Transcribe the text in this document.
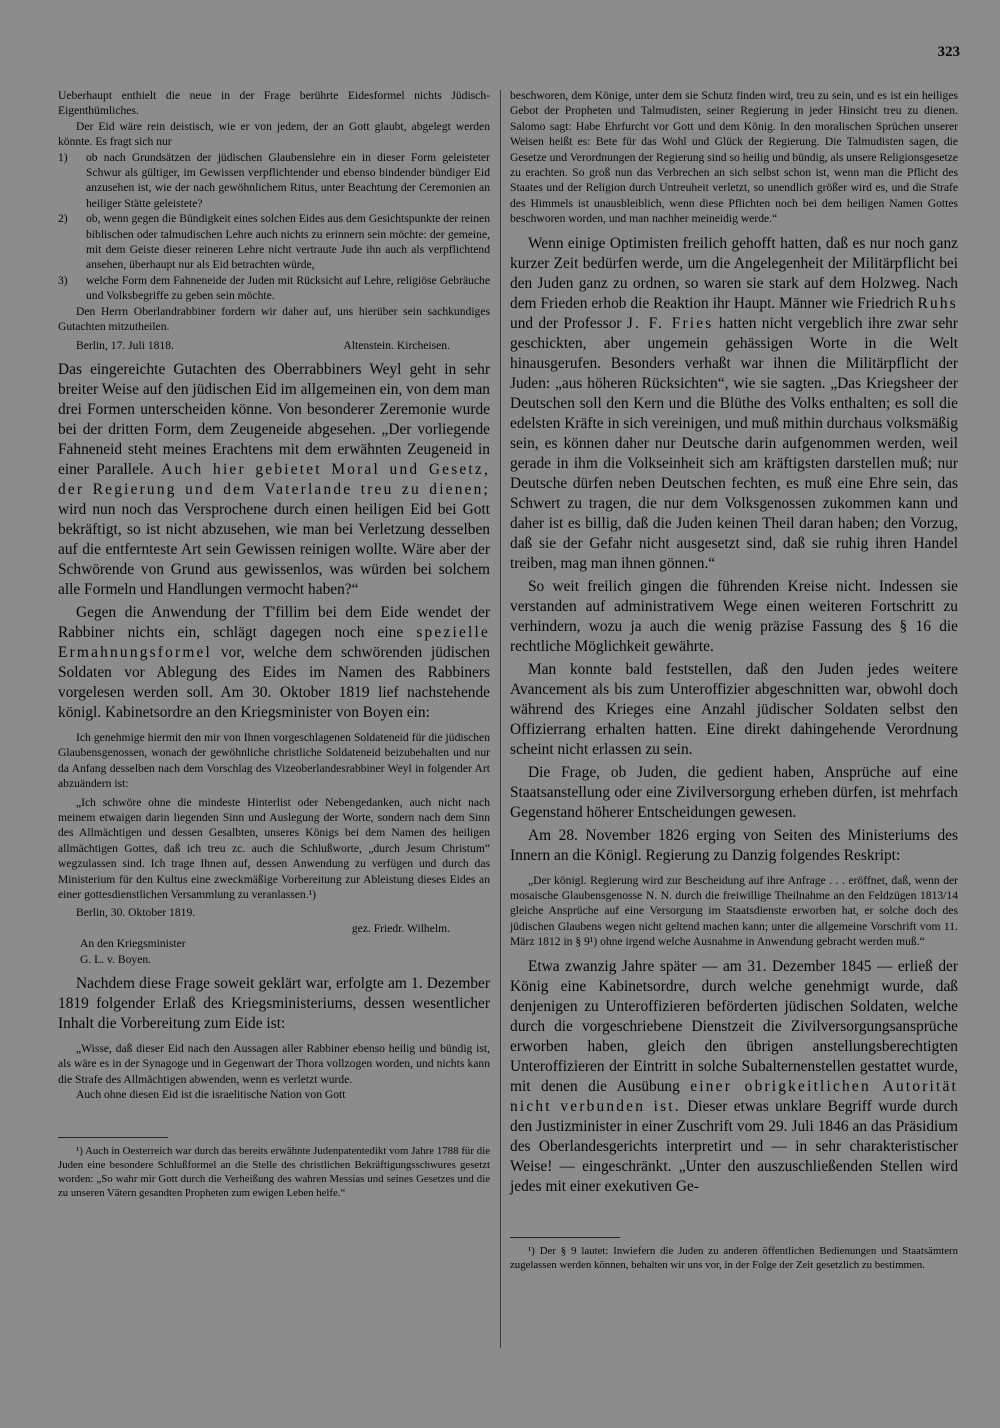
323

Ueberhaupt enthielt die neue in der Frage berührte Eidesformel nichts Jüdisch-Eigenthümliches.

Der Eid wäre rein deistisch, wie er von jedem, der an Gott glaubt, abgelegt werden könnte. Es fragt sich nur

1) ob nach Grundsätzen der jüdischen Glaubenslehre ein in dieser Form geleisteter Schwur als gültiger, im Gewissen verpflichtender und ebenso bindender bündiger Eid anzusehen ist, wie der nach gewöhnlichem Ritus, unter Beachtung der Ceremonien an heiliger Stätte geleistete?
2) ob, wenn gegen die Bündigkeit eines solchen Eides aus dem Gesichtspunkte der reinen biblischen oder talmudischen Lehre auch nichts zu erinnern sein möchte: der gemeine, mit dem Geiste dieser reineren Lehre nicht vertraute Jude ihn auch als verpflichtend ansehen, überhaupt nur als Eid betrachten würde,
3) welche Form dem Fahneneide der Juden mit Rücksicht auf Lehre, religiöse Gebräuche und Volksbegriffe zu geben sein möchte.

Den Herrn Oberlandrabbiner fordern wir daher auf, uns hierüber sein sachkundiges Gutachten mitzutheilen.

Berlin, 17. Juli 1818.	Altenstein. Kircheisen.

Das eingereichte Gutachten des Oberrabbiners Weyl geht in sehr breiter Weise auf den jüdischen Eid im allgemeinen ein, von dem man drei Formen unterscheiden könne. Von besonderer Zeremonie wurde bei der dritten Form, dem Zeugeneide abgesehen. „Der vorliegende Fahneneid steht meines Erachtens mit dem erwähnten Zeugeneid in einer Parallele. Auch hier gebietet Moral und Gesetz, der Regierung und dem Vaterlande treu zu dienen; wird nun noch das Versprochene durch einen heiligen Eid bei Gott bekräftigt, so ist nicht abzusehen, wie man bei Verletzung desselben auf die entfernteste Art sein Gewissen reinigen wollte. Wäre aber der Schwörende von Grund aus gewissenlos, was würden bei solchem alle Formeln und Handlungen vermocht haben?“

Gegen die Anwendung der T'fillim bei dem Eide wendet der Rabbiner nichts ein, schlägt dagegen noch eine spezielle Ermahnungsformel vor, welche dem schwörenden jüdischen Soldaten vor Ablegung des Eides im Namen des Rabbiners vorgelesen werden soll. Am 30. Oktober 1819 lief nachstehende königl. Kabinetsordre an den Kriegsminister von Boyen ein:

Ich genehmige hiermit den mir von Ihnen vorgeschlagenen Soldateneid für die jüdischen Glaubensgenossen, wonach der gewöhnliche christliche Soldateneid beizubehalten und nur da Anfang desselben nach dem Vorschlag des Vizeoberlandesrabbiner Weyl in folgender Art abzuändern ist:

„Ich schwöre ohne die mindeste Hinterlist oder Nebengedanken, auch nicht nach meinem etwaigen darin liegenden Sinn und Auslegung der Worte, sondern nach dem Sinn des Allmächtigen und dessen Gesalbten, unseres Königs bei dem Namen des heiligen allmächtigen Gottes, daß ich treu zc. auch die Schlußworte, „durch Jesum Christum“ wegzulassen sind. Ich trage Ihnen auf, dessen Anwendung zu verfügen und durch das Ministerium für den Kultus eine zweckmäßige Vorbereitung zur Ableistung dieses Eides an einer gottesdienstlichen Versammlung zu veranlassen.¹)

Berlin, 30. Oktober 1819.
gez. Friedr. Wilhelm.
An den Kriegsminister
G. L. v. Boyen.

Nachdem diese Frage soweit geklärt war, erfolgte am 1. Dezember 1819 folgender Erlaß des Kriegsministeriums, dessen wesentlicher Inhalt die Vorbereitung zum Eide ist:

„Wisse, daß dieser Eid nach den Aussagen aller Rabbiner ebenso heilig und bündig ist, als wäre es in der Synagoge und in Gegenwart der Thora vollzogen worden, und nichts kann die Strafe des Allmächtigen abwenden, wenn es verletzt wurde.

Auch ohne diesen Eid ist die israelitische Nation von Gott

¹) Auch in Oesterreich war durch das bereits erwähnte Judenpatentedikt vom Jahre 1788 für die Juden eine besondere Schlußformel an die Stelle des christlichen Bekräftigungsschwures gesetzt worden: „So wahr mir Gott durch die Verheißung des wahren Messias und seines Gesetzes und die zu unseren Vätern gesandten Propheten zum ewigen Leben helfe.“

beschworen, dem Könige, unter dem sie Schutz finden wird, treu zu sein, und es ist ein heiliges Gebot der Propheten und Talmudisten, seiner Regierung in jeder Hinsicht treu zu dienen. Salomo sagt: Habe Ehrfurcht vor Gott und dem König. In den moralischen Sprüchen unserer Weisen heißt es: Bete für das Wohl und Glück der Regierung. Die Talmudisten sagen, die Gesetze und Verordnungen der Regierung sind so heilig und bündig, als unsere Religionsgesetze zu erachten. So groß nun das Verbrechen an sich selbst schon ist, wenn man die Pflicht des Staates und der Religion durch Untreuheit verletzt, so unendlich größer wird es, und die Strafe des Himmels ist unausbleiblich, wenn diese Pflichten noch bei dem heiligen Namen Gottes beschworen worden, und man nachher meineidig werde.“

Wenn einige Optimisten freilich gehofft hatten, daß es nur noch ganz kurzer Zeit bedürfen werde, um die Angelegenheit der Militärpflicht bei den Juden ganz zu ordnen, so waren sie stark auf dem Holzweg. Nach dem Frieden erhob die Reaktion ihr Haupt. Männer wie Friedrich Ruhs und der Professor J. F. Fries hatten nicht vergeblich ihre zwar sehr geschickten, aber ungemein gehässigen Worte in die Welt hinausgerufen. Besonders verhaßt war ihnen die Militärpflicht der Juden: „aus höheren Rücksichten“, wie sie sagten. „Das Kriegsheer der Deutschen soll den Kern und die Blüthe des Volks enthalten; es soll die edelsten Kräfte in sich vereinigen, und muß mithin durchaus volksmäßig sein, es können daher nur Deutsche darin aufgenommen werden, weil gerade in ihm die Volkseinheit sich am kräftigsten darstellen muß; nur Deutsche dürfen neben Deutschen fechten, es muß eine Ehre sein, das Schwert zu tragen, die nur dem Volksgenossen zukommen kann und daher ist es billig, daß die Juden keinen Theil daran haben; den Vorzug, daß sie der Gefahr nicht ausgesetzt sind, daß sie ruhig ihren Handel treiben, mag man ihnen gönnen.“

So weit freilich gingen die führenden Kreise nicht. Indessen sie verstanden auf administrativem Wege einen weiteren Fortschritt zu verhindern, wozu ja auch die wenig präzise Fassung des § 16 die rechtliche Möglichkeit gewährte.

Man konnte bald feststellen, daß den Juden jedes weitere Avancement als bis zum Unteroffizier abgeschnitten war, obwohl doch während des Krieges eine Anzahl jüdischer Soldaten selbst den Offizierrang erhalten hatten. Eine direkt dahingehende Verordnung scheint nicht erlassen zu sein.

Die Frage, ob Juden, die gedient haben, Ansprüche auf eine Staatsanstellung oder eine Zivilversorgung erheben dürfen, ist mehrfach Gegenstand höherer Entscheidungen gewesen.

Am 28. November 1826 erging von Seiten des Ministeriums des Innern an die Königl. Regierung zu Danzig folgendes Reskript:

„Der königl. Regierung wird zur Bescheidung auf ihre Anfrage . . . eröffnet, daß, wenn der mosaische Glaubensgenosse N. N. durch die freiwillige Theilnahme an den Feldzügen 1813/14 gleiche Ansprüche auf eine Versorgung im Staatsdienste erworben hat, er solche doch des jüdischen Glaubens wegen nicht geltend machen kann; unter die allgemeine Vorschrift vom 11. März 1812 in § 9¹) ohne irgend welche Ausnahme in Anwendung gebracht werden muß.“

Etwa zwanzig Jahre später — am 31. Dezember 1845 — erließ der König eine Kabinetsordre, durch welche genehmigt wurde, daß denjenigen zu Unteroffizieren beförderten jüdischen Soldaten, welche durch die vorgeschriebene Dienstzeit die Zivilversorgungsansprüche erworben haben, gleich den übrigen anstellungsberechtigten Unteroffizieren der Eintritt in solche Subalternenstellen gestattet wurde, mit denen die Ausübung einer obrigkeitlichen Autorität nicht verbunden ist. Dieser etwas unklare Begriff wurde durch den Justizminister in einer Zuschrift vom 29. Juli 1846 an das Präsidium des Oberlandesgerichts interpretirt und — in sehr charakteristischer Weise! — eingeschränkt. „Unter den auszuschließenden Stellen wird jedes mit einer exekutiven Ge-

¹) Der § 9 lautet: Inwiefern die Juden zu anderen öffentlichen Bedienungen und Staatsämtern zugelassen werden können, behalten wir uns vor, in der Folge der Zeit gesetzlich zu bestimmen.
